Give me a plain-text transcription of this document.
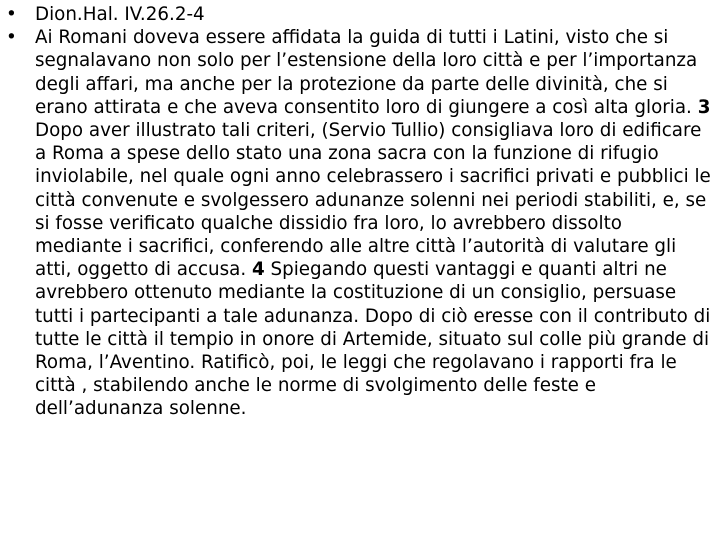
• Dion.Hal. IV.26.2-4
• Ai Romani doveva essere affidata la guida di tutti i Latini, visto che si segnalavano non solo per l’estensione della loro città e per l’importanza degli affari, ma anche per la protezione da parte delle divinità, che si erano attirata e che aveva consentito loro di giungere a così alta gloria. 3 Dopo aver illustrato tali criteri, (Servio Tullio) consigliava loro di edificare a Roma a spese dello stato una zona sacra con la funzione di rifugio inviolabile, nel quale ogni anno celebrassero i sacrifici privati e pubblici le città convenute e svolgessero adunanze solenni nei periodi stabiliti, e, se si fosse verificato qualche dissidio fra loro, lo avrebbero dissolto mediante i sacrifici, conferendo alle altre città l’autorità di valutare gli atti, oggetto di accusa. 4 Spiegando questi vantaggi e quanti altri ne avrebbero ottenuto mediante la costituzione di un consiglio, persuase tutti i partecipanti a tale adunanza. Dopo di ciò eresse con il contributo di tutte le città il tempio in onore di Artemide, situato sul colle più grande di Roma, l’Aventino. Ratificò, poi, le leggi che regolavano i rapporti fra le città , stabilendo anche le norme di svolgimento delle feste e dell’adunanza solenne.
